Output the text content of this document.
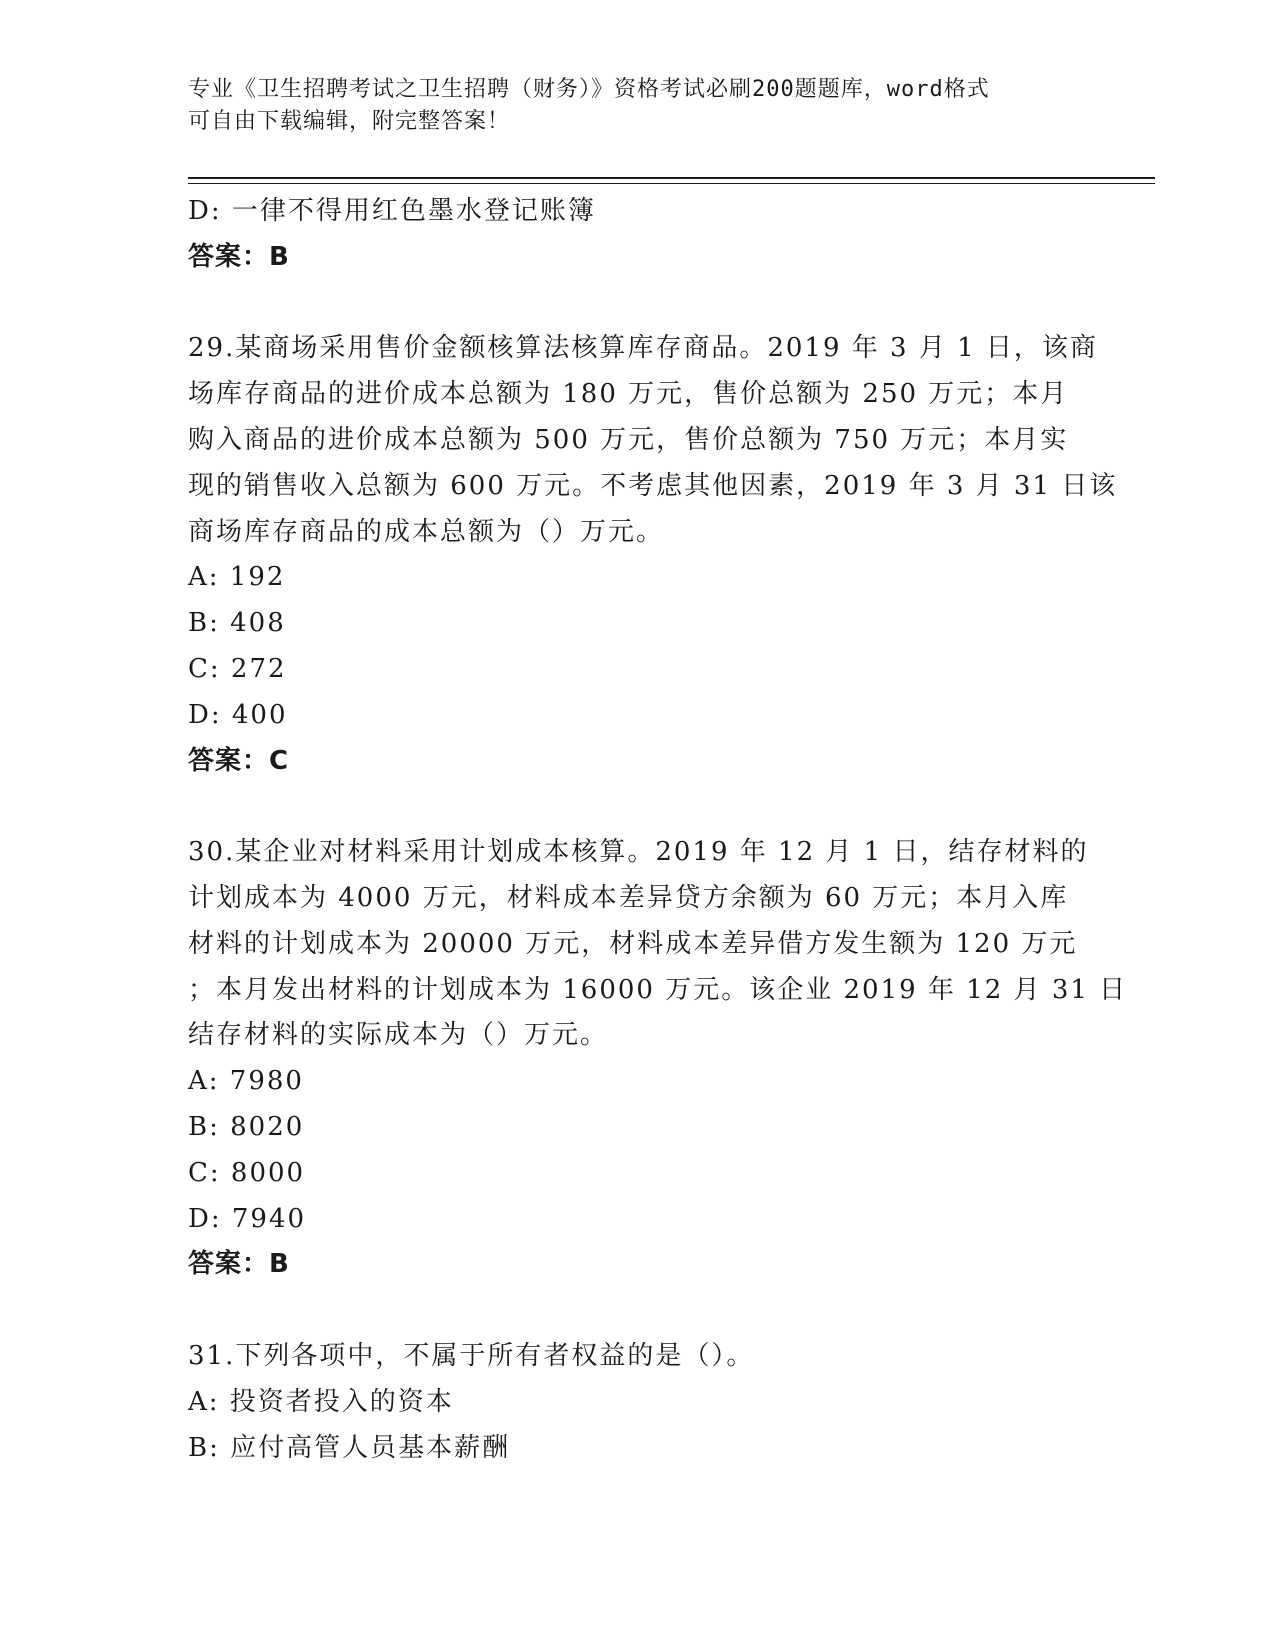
专业《卫生招聘考试之卫生招聘（财务）》资格考试必刷200题题库，word格式
可自由下载编辑，附完整答案！
D: 一律不得用红色墨水登记账簿
答案：B
29.某商场采用售价金额核算法核算库存商品。2019 年 3 月 1 日，该商
场库存商品的进价成本总额为 180 万元，售价总额为 250 万元；本月
购入商品的进价成本总额为 500 万元，售价总额为 750 万元；本月实
现的销售收入总额为 600 万元。不考虑其他因素，2019 年 3 月 31 日该
商场库存商品的成本总额为（）万元。
A: 192
B: 408
C: 272
D: 400
答案：C
30.某企业对材料采用计划成本核算。2019 年 12 月 1 日，结存材料的
计划成本为 4000 万元，材料成本差异贷方余额为 60 万元；本月入库
材料的计划成本为 20000 万元，材料成本差异借方发生额为 120 万元
；本月发出材料的计划成本为 16000 万元。该企业 2019 年 12 月 31 日
结存材料的实际成本为（）万元。
A: 7980
B: 8020
C: 8000
D: 7940
答案：B
31.下列各项中，不属于所有者权益的是（）。
A: 投资者投入的资本
B: 应付高管人员基本薪酬
